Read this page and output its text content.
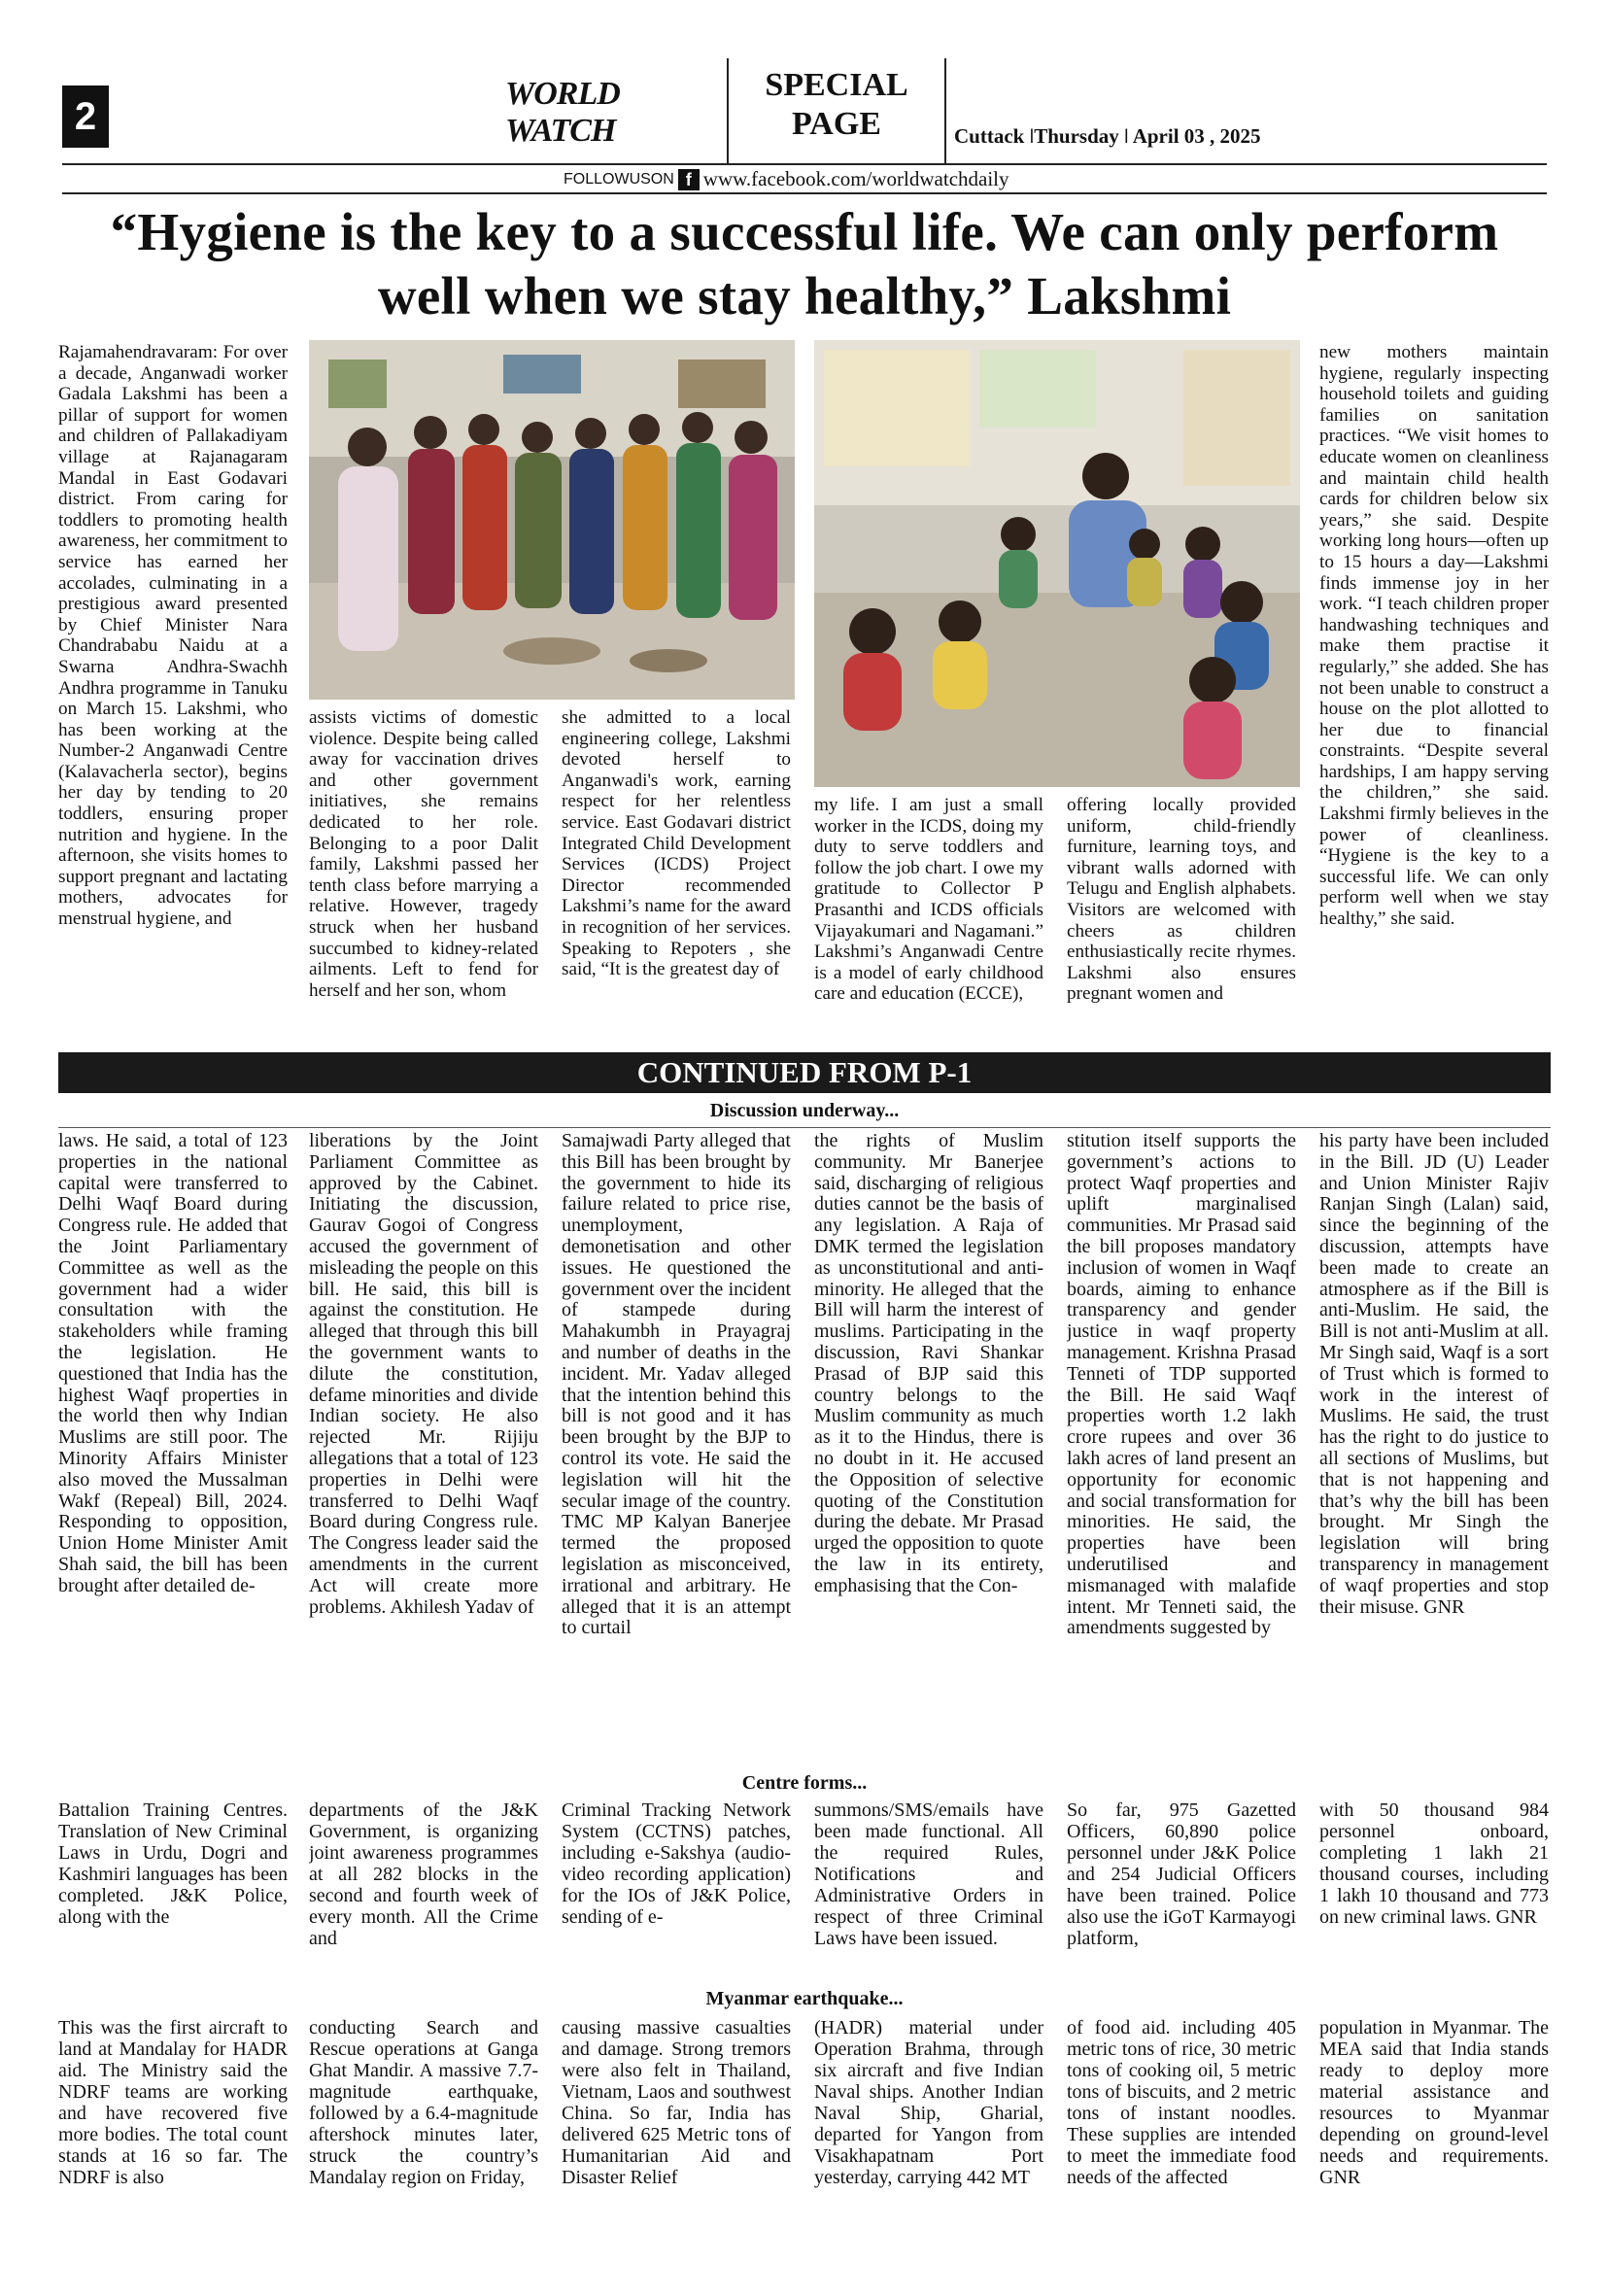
2
WORLD WATCH
SPECIAL
PAGE	Cuttack ǀThursday ǀ April 03 , 2025
FOLLOWUSON f www.facebook.com/worldwatchdaily
“Hygiene is the key to a successful life. We can only perform well when we stay healthy,” Lakshmi
Rajamahendravaram: For over a decade, Anganwadi worker Gadala Lakshmi has been a pillar of support for women and children of Pallakadiyam village at Rajanagaram Mandal in East Godavari district. From caring for toddlers to promoting health awareness, her commitment to service has earned her accolades, culminating in a prestigious award presented by Chief Minister Nara Chandrababu Naidu at a Swarna Andhra-Swachh Andhra programme in Tanuku on March 15. Lakshmi, who has been working at the Number-2 Anganwadi Centre (Kalavacherla sector), begins her day by tending to 20 toddlers, ensuring proper nutrition and hygiene. In the afternoon, she visits homes to support pregnant and lactating mothers, advocates for menstrual hygiene, and
assists victims of domestic violence. Despite being called away for vaccination drives and other government initiatives, she remains dedicated to her role. Belonging to a poor Dalit family, Lakshmi passed her tenth class before marrying a relative. However, tragedy struck when her husband succumbed to kidney-related ailments. Left to fend for herself and her son, whom
she admitted to a local engineering college, Lakshmi devoted herself to Anganwadi's work, earning respect for her relentless service. East Godavari district Integrated Child Development Services (ICDS) Project Director recommended Lakshmi’s name for the award in recognition of her services. Speaking to Repoters , she said, “It is the greatest day of
my life. I am just a small worker in the ICDS, doing my duty to serve toddlers and follow the job chart. I owe my gratitude to Collector P Prasanthi and ICDS officials Vijayakumari and Nagamani.” Lakshmi’s Anganwadi Centre is a model of early childhood care and education (ECCE),
offering locally provided uniform, child-friendly furniture, learning toys, and vibrant walls adorned with Telugu and English alphabets. Visitors are welcomed with cheers as children enthusiastically recite rhymes. Lakshmi also ensures pregnant women and
new mothers maintain hygiene, regularly inspecting household toilets and guiding families on sanitation practices. “We visit homes to educate women on cleanliness and maintain child health cards for children below six years,” she said. Despite working long hours—often up to 15 hours a day—Lakshmi finds immense joy in her work. “I teach children proper handwashing techniques and make them practise it regularly,” she added. She has not been unable to construct a house on the plot allotted to her due to financial constraints. “Despite several hardships, I am happy serving the children,” she said. Lakshmi firmly believes in the power of cleanliness. “Hygiene is the key to a successful life. We can only perform well when we stay healthy,” she said.
CONTINUED FROM P-1
Discussion underway...
laws. He said, a total of 123 properties in the national capital were transferred to Delhi Waqf Board during Congress rule. He added that the Joint Parliamentary Committee as well as the government had a wider consultation with the stakeholders while framing the legislation. He questioned that India has the highest Waqf properties in the world then why Indian Muslims are still poor. The Minority Affairs Minister also moved the Mussalman Wakf (Repeal) Bill, 2024. Responding to opposition, Union Home Minister Amit Shah said, the bill has been brought after detailed de-
liberations by the Joint Parliament Committee as approved by the Cabinet. Initiating the discussion, Gaurav Gogoi of Congress accused the government of misleading the people on this bill. He said, this bill is against the constitution. He alleged that through this bill the government wants to dilute the constitution, defame minorities and divide Indian society. He also rejected Mr. Rijiju allegations that a total of 123 properties in Delhi were transferred to Delhi Waqf Board during Congress rule. The Congress leader said the amendments in the current Act will create more problems. Akhilesh Yadav of
Samajwadi Party alleged that this Bill has been brought by the government to hide its failure related to price rise, unemployment, demonetisation and other issues. He questioned the government over the incident of stampede during Mahakumbh in Prayagraj and number of deaths in the incident. Mr. Yadav alleged that the intention behind this bill is not good and it has been brought by the BJP to control its vote. He said the legislation will hit the secular image of the country. TMC MP Kalyan Banerjee termed the proposed legislation as misconceived, irrational and arbitrary. He alleged that it is an attempt to curtail
the rights of Muslim community. Mr Banerjee said, discharging of religious duties cannot be the basis of any legislation. A Raja of DMK termed the legislation as unconstitutional and anti-minority. He alleged that the Bill will harm the interest of muslims. Participating in the discussion, Ravi Shankar Prasad of BJP said this country belongs to the Muslim community as much as it to the Hindus, there is no doubt in it. He accused the Opposition of selective quoting of the Constitution during the debate. Mr Prasad urged the opposition to quote the law in its entirety, emphasising that the Con-
stitution itself supports the government’s actions to protect Waqf properties and uplift marginalised communities. Mr Prasad said the bill proposes mandatory inclusion of women in Waqf boards, aiming to enhance transparency and gender justice in waqf property management. Krishna Prasad Tenneti of TDP supported the Bill. He said Waqf properties worth 1.2 lakh crore rupees and over 36 lakh acres of land present an opportunity for economic and social transformation for minorities. He said, the properties have been underutilised and mismanaged with malafide intent. Mr Tenneti said, the amendments suggested by
his party have been included in the Bill. JD (U) Leader and Union Minister Rajiv Ranjan Singh (Lalan) said, since the beginning of the discussion, attempts have been made to create an atmosphere as if the Bill is anti-Muslim. He said, the Bill is not anti-Muslim at all. Mr Singh said, Waqf is a sort of Trust which is formed to work in the interest of Muslims. He said, the trust has the right to do justice to all sections of Muslims, but that is not happening and that’s why the bill has been brought. Mr Singh the legislation will bring transparency in management of waqf properties and stop their misuse. GNR
Centre forms...
Battalion Training Centres. Translation of New Criminal Laws in Urdu, Dogri and Kashmiri languages has been completed. J&K Police, along with the
departments of the J&K Government, is organizing joint awareness programmes at all 282 blocks in the second and fourth week of every month. All the Crime and
Criminal Tracking Network System (CCTNS) patches, including e-Sakshya (audio-video recording application) for the IOs of J&K Police, sending of e-
summons/SMS/emails have been made functional. All the required Rules, Notifications and Administrative Orders in respect of three Criminal Laws have been issued.
So far, 975 Gazetted Officers, 60,890 police personnel under J&K Police and 254 Judicial Officers have been trained. Police also use the iGoT Karmayogi platform,
with 50 thousand 984 personnel onboard, completing 1 lakh 21 thousand courses, including 1 lakh 10 thousand and 773 on new criminal laws. GNR
Myanmar earthquake...
This was the first aircraft to land at Mandalay for HADR aid. The Ministry said the NDRF teams are working and have recovered five more bodies. The total count stands at 16 so far. The NDRF is also
conducting Search and Rescue operations at Ganga Ghat Mandir. A massive 7.7-magnitude earthquake, followed by a 6.4-magnitude aftershock minutes later, struck the country’s Mandalay region on Friday,
causing massive casualties and damage. Strong tremors were also felt in Thailand, Vietnam, Laos and southwest China. So far, India has delivered 625 Metric tons of Humanitarian Aid and Disaster Relief
(HADR) material under Operation Brahma, through six aircraft and five Indian Naval ships. Another Indian Naval Ship, Gharial, departed for Yangon from Visakhapatnam Port yesterday, carrying 442 MT
of food aid. including 405 metric tons of rice, 30 metric tons of cooking oil, 5 metric tons of biscuits, and 2 metric tons of instant noodles. These supplies are intended to meet the immediate food needs of the affected
population in Myanmar. The MEA said that India stands ready to deploy more material assistance and resources to Myanmar depending on ground-level needs and requirements. GNR
